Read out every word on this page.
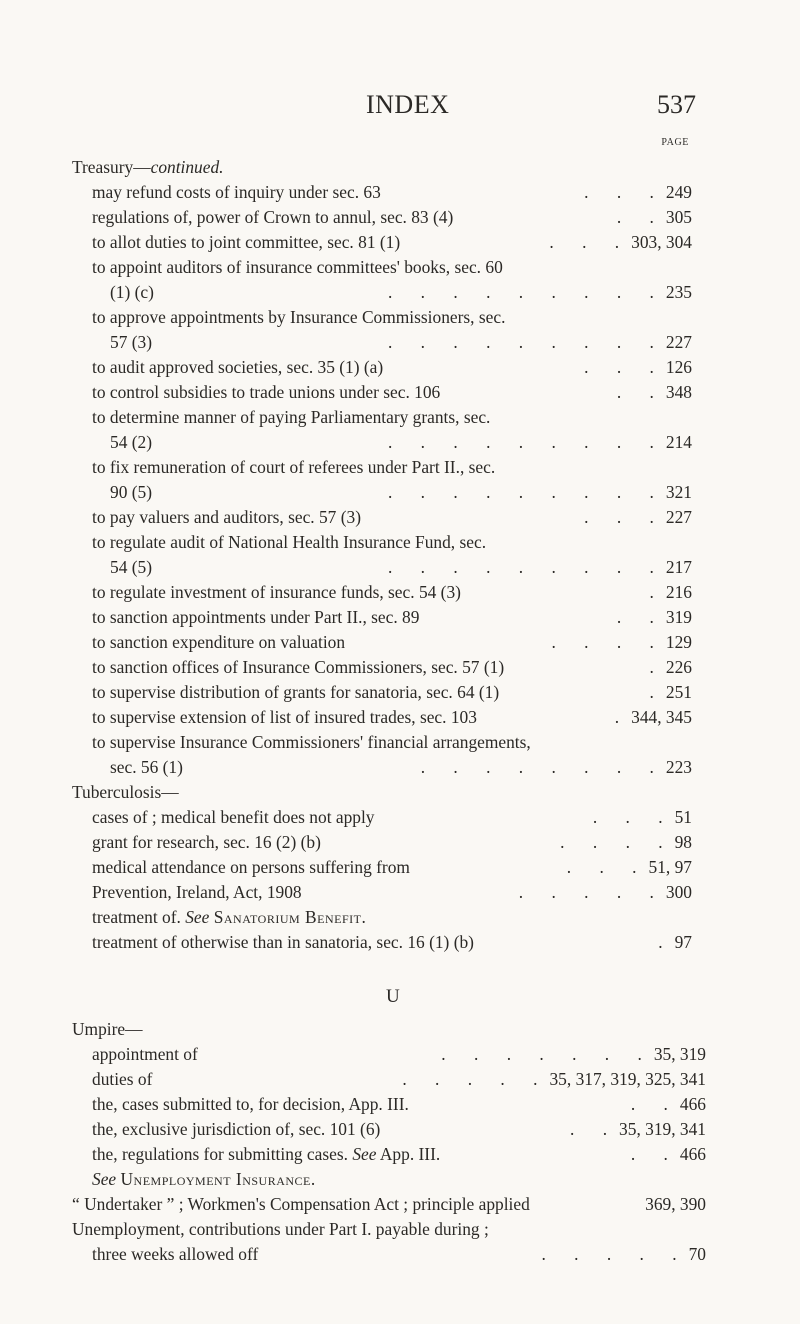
INDEX	537
PAGE
Treasury—continued.
may refund costs of inquiry under sec. 63	. . .249
regulations of, power of Crown to annul, sec. 83 (4)	. .305
to allot duties to joint committee, sec. 81 (1)	. . .303, 304
to appoint auditors of insurance committees' books, sec. 60
(1) (c)	. . . . . . . . .235
to approve appointments by Insurance Commissioners, sec.
57 (3)	. . . . . . . . .227
to audit approved societies, sec. 35 (1) (a)	. . .126
to control subsidies to trade unions under sec. 106	. .348
to determine manner of paying Parliamentary grants, sec.
54 (2)	. . . . . . . . .214
to fix remuneration of court of referees under Part II., sec.
90 (5)	. . . . . . . . .321
to pay valuers and auditors, sec. 57 (3)	. . .227
to regulate audit of National Health Insurance Fund, sec.
54 (5)	. . . . . . . . .217
to regulate investment of insurance funds, sec. 54 (3)	.216
to sanction appointments under Part II., sec. 89	. .319
to sanction expenditure on valuation	. . . .129
to sanction offices of Insurance Commissioners, sec. 57 (1)	.226
to supervise distribution of grants for sanatoria, sec. 64 (1)	.251
to supervise extension of list of insured trades, sec. 103	.344, 345
to supervise Insurance Commissioners' financial arrangements,
sec. 56 (1)	. . . . . . . .223
Tuberculosis—
cases of ; medical benefit does not apply	. . .51
grant for research, sec. 16 (2) (b)	. . . .98
medical attendance on persons suffering from	. . .51, 97
Prevention, Ireland, Act, 1908	. . . . .300
treatment of. See Sanatorium Benefit.
treatment of otherwise than in sanatoria, sec. 16 (1) (b)	.97
U
Umpire—
appointment of	. . . . . . .35, 319
duties of	. . . . .35, 317, 319, 325, 341
the, cases submitted to, for decision, App. III.	. .466
the, exclusive jurisdiction of, sec. 101 (6)	. .35, 319, 341
the, regulations for submitting cases. See App. III.	. .466
See Unemployment Insurance.
“ Undertaker ” ; Workmen's Compensation Act ; principle applied	369, 390
Unemployment, contributions under Part I. payable during ;
three weeks allowed off	. . . . .70
